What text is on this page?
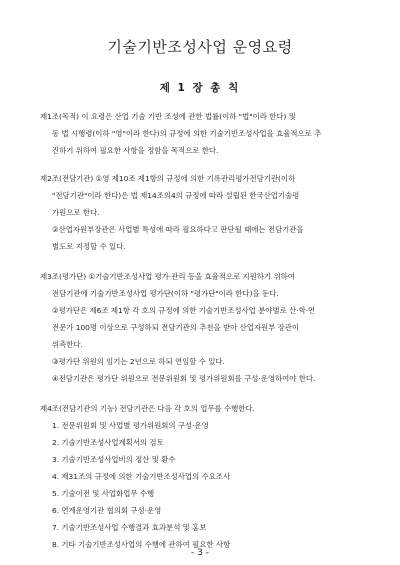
기술기반조성사업 운영요령
제 1 장 총 칙
제1조(목적) 이 요령은 산업 기술 기반 조성에 관한 법률(이하 "법"이라 한다) 및
동 법 시행령(이하 "영"이라 한다)의 규정에 의한 기술기반조성사업을 효율적으로 추
진하기 위하여 필요한 사항을 정함을 목적으로 한다.
제2조(전담기관) ①영 제10조 제1항의 규정에 의한 기록관리평가전담기관(이하
"전담기관"이라 한다)은 법 제14조의4의 규정에 따라 설립된 한국산업기술평
가원으로 한다.
②산업자원부장관은 사업별 특성에 따라 필요하다고 판단될 때에는 전담기관을
별도로 지정할 수 있다.
제3조(평가단) ①기술기반조성사업 평가·관리 등을 효율적으로 지원하기 위하여
전담기관에 기술기반조성사업 평가단(이하 "평가단"이라 한다)을 둔다.
②평가단은 제6조 제1항 각 호의 규정에 의한 기술기반조성사업 분야별로 산·학·연
전문가 100명 이상으로 구성하되 전담기관의 추천을 받아 산업자원부 장관이
위촉한다.
③평가단 위원의 임기는 2년으로 하되 연임할 수 있다.
④전담기관은 평가단 위원으로 전문위원회 및 평가위원회를 구성·운영하여야 한다.
제4조(전담기관의 기능) 전담기관은 다음 각 호의 업무를 수행한다.
1. 전문위원회 및 사업별 평가위원회의 구성·운영
2. 기술기반조성사업계획서의 검토
3. 기술기반조성사업비의 정산 및 환수
4. 제31조의 규정에 의한 기술기반조성사업의 수요조사
5. 기술이전 및 사업화업무 수행
6. 연계운영기관 협의회 구성·운영
7. 기술기반조성사업 수행결과 효과분석 및 홍보
8. 기타 기술기반조성사업의 수행에 관하여 필요한 사항
- 3 -
